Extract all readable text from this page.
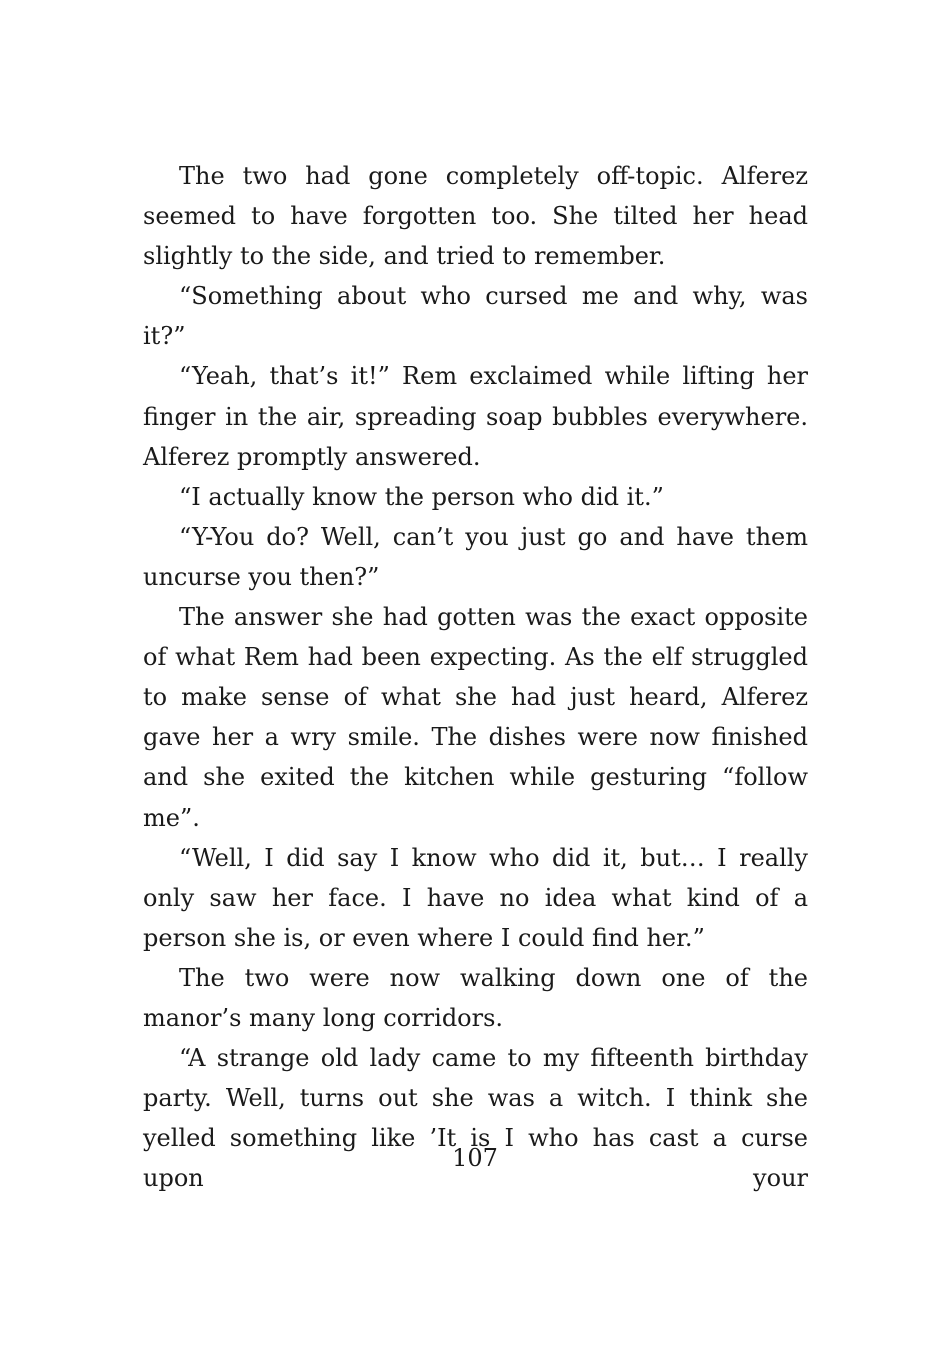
The two had gone completely off-topic. Alferez seemed to have forgotten too. She tilted her head slightly to the side, and tried to remember.

“Something about who cursed me and why, was it?”

“Yeah, that’s it!” Rem exclaimed while lifting her finger in the air, spreading soap bubbles everywhere. Alferez promptly answered.

“I actually know the person who did it.”

“Y-You do? Well, can’t you just go and have them uncurse you then?”

The answer she had gotten was the exact opposite of what Rem had been expecting. As the elf struggled to make sense of what she had just heard, Alferez gave her a wry smile. The dishes were now finished and she exited the kitchen while gesturing “follow me”.

“Well, I did say I know who did it, but… I really only saw her face. I have no idea what kind of a person she is, or even where I could find her.”

The two were now walking down one of the manor’s many long corridors.

“A strange old lady came to my fifteenth birthday party. Well, turns out she was a witch. I think she yelled something like ’It is I who has cast a curse upon your

107
